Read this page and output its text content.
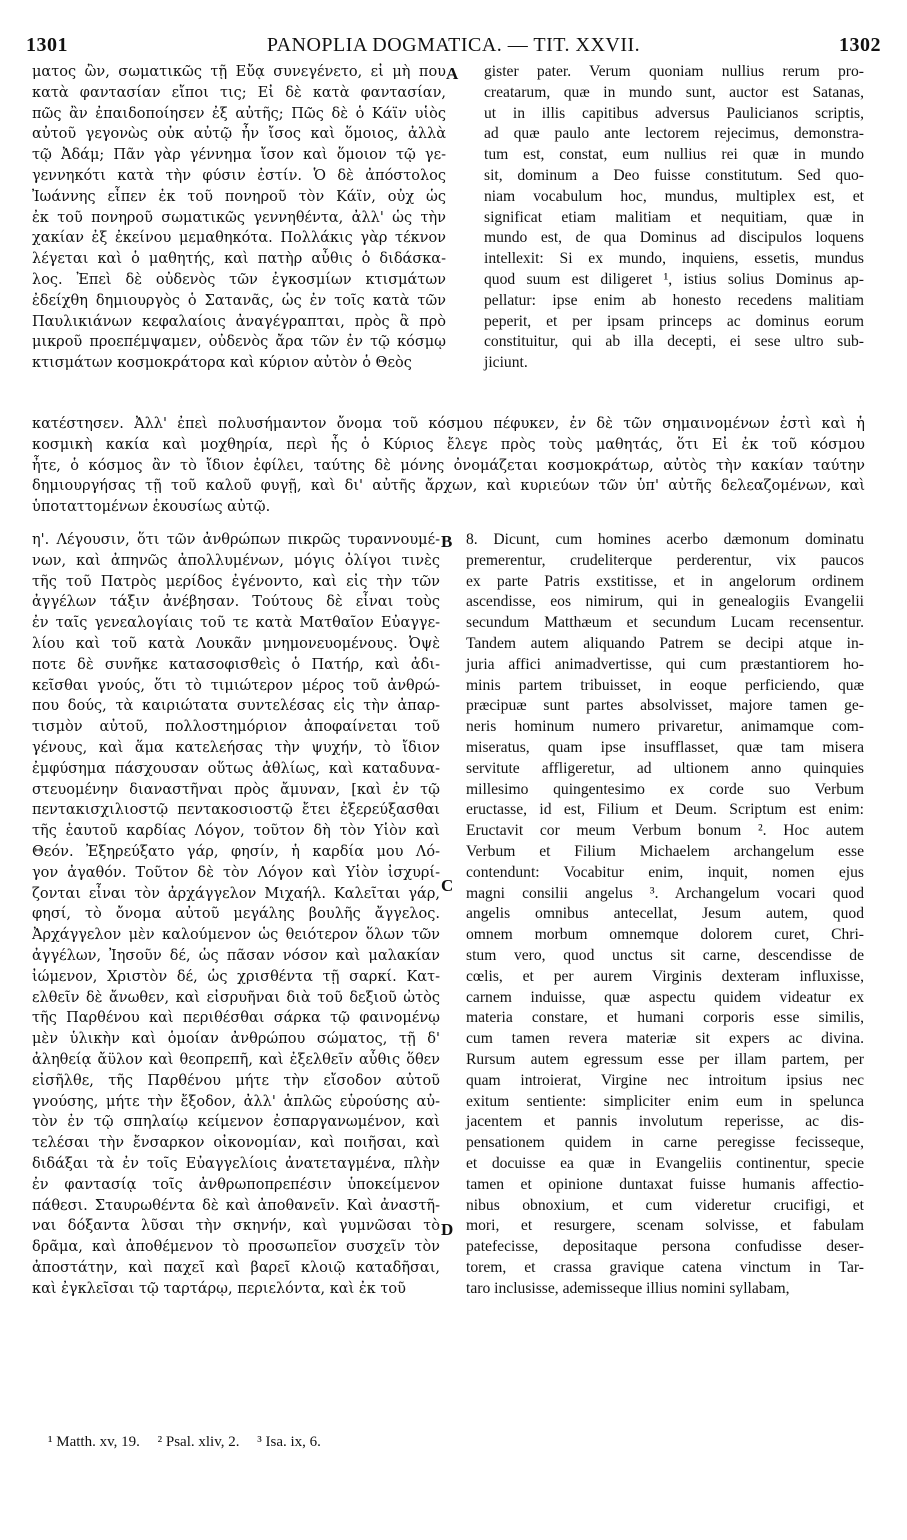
1301	PANOPLIA DOGMATICA. — TIT. XXVII.	1302
ματος ὢν, σωματικῶς τῇ Εὔᾳ συνεγένετο, εἰ μὴ που
κατὰ φαντασίαν εἴποι τις; Εἰ δὲ κατὰ φαντασίαν,
πῶς ἂν ἐπαιδοποίησεν ἐξ αὐτῆς; Πῶς δὲ ὁ Κάϊν υἱὸς
αὐτοῦ γεγονὼς οὐκ αὐτῷ ἦν ἴσος καὶ ὅμοιος, ἀλλὰ
τῷ Ἀδάμ; Πᾶν γὰρ γέννημα ἴσον καὶ ὅμοιον τῷ γε-
γεννηκότι κατὰ τὴν φύσιν ἐστίν. Ὁ δὲ ἀπόστολος
Ἰωάννης εἶπεν ἐκ τοῦ πονηροῦ τὸν Κάϊν, οὐχ ὡς
ἐκ τοῦ πονηροῦ σωματικῶς γεννηθέντα, ἀλλ' ὡς τὴν
χακίαν ἐξ ἐκείνου μεμαθηκότα. Πολλάκις γὰρ τέκνον
λέγεται καὶ ὁ μαθητής, καὶ πατὴρ αὖθις ὁ διδάσκα-
λος. Ἐπεὶ δὲ οὐδενὸς τῶν ἐγκοσμίων κτισμάτων
ἐδείχθη δημιουργὸς ὁ Σατανᾶς, ὡς ἐν τοῖς κατὰ τῶν
Παυλικιάνων κεφαλαίοις ἀναγέγραπται, πρὸς ἃ πρὸ
μικροῦ προεπέμψαμεν, οὐδενὸς ἄρα τῶν ἐν τῷ κόσμῳ
κτισμάτων κοσμοκράτορα καὶ κύριον αὐτὸν ὁ Θεὸς
gister pater. Verum quoniam nullius rerum pro-
creatarum, quæ in mundo sunt, auctor est Satanas,
ut in illis capitibus adversus Paulicianos scriptis,
ad quæ paulo ante lectorem rejecimus, demonstra-
tum est, constat, eum nullius rei quæ in mundo
sit, dominum a Deo fuisse constitutum. Sed quo-
niam vocabulum hoc, mundus, multiplex est, et
significat etiam malitiam et nequitiam, quæ in
mundo est, de qua Dominus ad discipulos loquens
intellexit: Si ex mundo, inquiens, essetis, mundus
quod suum est diligeret ¹, istius solius Dominus ap-
pellatur: ipse enim ab honesto recedens malitiam
peperit, et per ipsam princeps ac dominus eorum
constituitur, qui ab illa decepti, ei sese ultro sub-
jiciunt.
κατέστησεν. Ἀλλ' ἐπεὶ πολυσήμαντον ὄνομα τοῦ κόσμου πέφυκεν, ἐν δὲ τῶν σημαινομένων ἐστὶ καὶ ἡ
κοσμικὴ κακία καὶ μοχθηρία, περὶ ἧς ὁ Κύριος ἔλεγε πρὸς τοὺς μαθητάς, ὅτι Εἰ ἐκ τοῦ κόσμου
ἦτε, ὁ κόσμος ἂν τὸ ἴδιον ἐφίλει, ταύτης δὲ μόνης ὀνομάζεται κοσμοκράτωρ, αὐτὸς τὴν κακίαν ταύτην
δημιουργήσας τῇ τοῦ καλοῦ φυγῇ, καὶ δι' αὐτῆς ἄρχων, καὶ κυριεύων τῶν ὑπ' αὐτῆς δελεαζομένων, καὶ
ὑποταττομένων ἑκουσίως αὐτῷ.
η'. Λέγουσιν, ὅτι τῶν ἀνθρώπων πικρῶς τυραννουμέ-
νων, καὶ ἀπηνῶς ἀπολλυμένων, μόγις ὀλίγοι τινὲς
τῆς τοῦ Πατρὸς μερίδος ἐγένοντο, καὶ εἰς τὴν τῶν
ἀγγέλων τάξιν ἀνέβησαν. Τούτους δὲ εἶναι τοὺς
ἐν ταῖς γενεαλογίαις τοῦ τε κατὰ Ματθαῖον Εὐαγγε-
λίου καὶ τοῦ κατὰ Λουκᾶν μνημονευομένους. Ὀψὲ
ποτε δὲ συνῆκε κατασοφισθεὶς ὁ Πατήρ, καὶ ἀδι-
κεῖσθαι γνούς, ὅτι τὸ τιμιώτερον μέρος τοῦ ἀνθρώ-
που δούς, τὰ καιριώτατα συντελέσας εἰς τὴν ἀπαρ-
τισμὸν αὐτοῦ, πολλοστημόριον ἀποφαίνεται τοῦ
γένους, καὶ ἅμα κατελεήσας τὴν ψυχήν, τὸ ἴδιον
ἐμφύσημα πάσχουσαν οὕτως ἀθλίως, καὶ καταδυνα-
στευομένην διαναστῆναι πρὸς ἄμυναν, [καὶ ἐν τῷ
πεντακισχιλιοστῷ πεντακοσιοστῷ ἔτει ἐξερεύξασθαι
τῆς ἑαυτοῦ καρδίας Λόγον, τοῦτον δὴ τὸν Υἱὸν καὶ
Θεόν. Ἐξηρεύξατο γάρ, φησίν, ἡ καρδία μου Λό-
γον ἀγαθόν. Τοῦτον δὲ τὸν Λόγον καὶ Υἱὸν ἰσχυρί-
ζονται εἶναι τὸν ἀρχάγγελον Μιχαήλ. Καλεῖται γάρ,
φησί, τὸ ὄνομα αὐτοῦ μεγάλης βουλῆς ἄγγελος.
Ἀρχάγγελον μὲν καλούμενον ὡς θειότερον ὅλων τῶν
ἀγγέλων, Ἰησοῦν δέ, ὡς πᾶσαν νόσον καὶ μαλακίαν
ἰώμενον, Χριστὸν δέ, ὡς χρισθέντα τῇ σαρκί. Κατ-
ελθεῖν δὲ ἄνωθεν, καὶ εἰσρυῆναι διὰ τοῦ δεξιοῦ ὠτὸς
τῆς Παρθένου καὶ περιθέσθαι σάρκα τῷ φαινομένῳ
μὲν ὑλικὴν καὶ ὁμοίαν ἀνθρώπου σώματος, τῇ δ'
ἀληθείᾳ ἄϋλον καὶ θεοπρεπῆ, καὶ ἐξελθεῖν αὖθις ὅθεν
εἰσῆλθε, τῆς Παρθένου μήτε τὴν εἴσοδον αὐτοῦ
γνούσης, μήτε τὴν ἔξοδον, ἀλλ' ἁπλῶς εὑρούσης αὐ-
τὸν ἐν τῷ σπηλαίῳ κείμενον ἐσπαργανωμένον, καὶ
τελέσαι τὴν ἔνσαρκον οἰκονομίαν, καὶ ποιῆσαι, καὶ
διδάξαι τὰ ἐν τοῖς Εὐαγγελίοις ἀνατεταγμένα, πλὴν
ἐν φαντασίᾳ τοῖς ἀνθρωποπρεπέσιν ὑποκείμενον
πάθεσι. Σταυρωθέντα δὲ καὶ ἀποθανεῖν. Καὶ ἀναστῆ-
ναι δόξαντα λῦσαι τὴν σκηνήν, καὶ γυμνῶσαι τὸ
δρᾶμα, καὶ ἀποθέμενον τὸ προσωπεῖον συσχεῖν τὸν
ἀποστάτην, καὶ παχεῖ καὶ βαρεῖ κλοιῷ καταδῆσαι,
καὶ ἐγκλεῖσαι τῷ ταρτάρῳ, περιελόντα, καὶ ἐκ τοῦ
8. Dicunt, cum homines acerbo dæmonum dominatu
premerentur, crudeliterque perderentur, vix paucos
ex parte Patris exstitisse, et in angelorum ordinem
ascendisse, eos nimirum, qui in genealogiis Evangelii
secundum Matthæum et secundum Lucam recensentur.
Tandem autem aliquando Patrem se decipi atque in-
juria affici animadvertisse, qui cum præstantiorem ho-
minis partem tribuisset, in eoque perficiendo, quæ
præcipuæ sunt partes absolvisset, majore tamen ge-
neris hominum numero privaretur, animamque com-
miseratus, quam ipse insufflasset, quæ tam misera
servitute affligeretur, ad ultionem anno quinquies
millesimo quingentesimo ex corde suo Verbum
eructasse, id est, Filium et Deum. Scriptum est enim:
Eructavit cor meum Verbum bonum ². Hoc autem
Verbum et Filium Michaelem archangelum esse
contendunt: Vocabitur enim, inquit, nomen ejus
magni consilii angelus ³. Archangelum vocari quod
angelis omnibus antecellat, Jesum autem, quod
omnem morbum omnemque dolorem curet, Chri-
stum vero, quod unctus sit carne, descendisse de
cœlis, et per aurem Virginis dexteram influxisse,
carnem induisse, quæ aspectu quidem videatur ex
materia constare, et humani corporis esse similis,
cum tamen revera materiæ sit expers ac divina.
Rursum autem egressum esse per illam partem, per
quam introierat, Virgine nec introitum ipsius nec
exitum sentiente: simpliciter enim eum in spelunca
jacentem et pannis involutum reperisse, ac dis-
pensationem quidem in carne peregisse fecisseque,
et docuisse ea quæ in Evangeliis continentur, specie
tamen et opinione duntaxat fuisse humanis affectio-
nibus obnoxium, et cum videretur crucifigi, et
mori, et resurgere, scenam solvisse, et fabulam
patefecisse, depositaque persona confudisse deser-
torem, et crassa gravique catena vinctum in Tar-
taro inclusisse, ademisseque illius nomini syllabam,
A
B
C
D
¹ Matth. xv, 19. ² Psal. xliv, 2. ³ Isa. ix, 6.
